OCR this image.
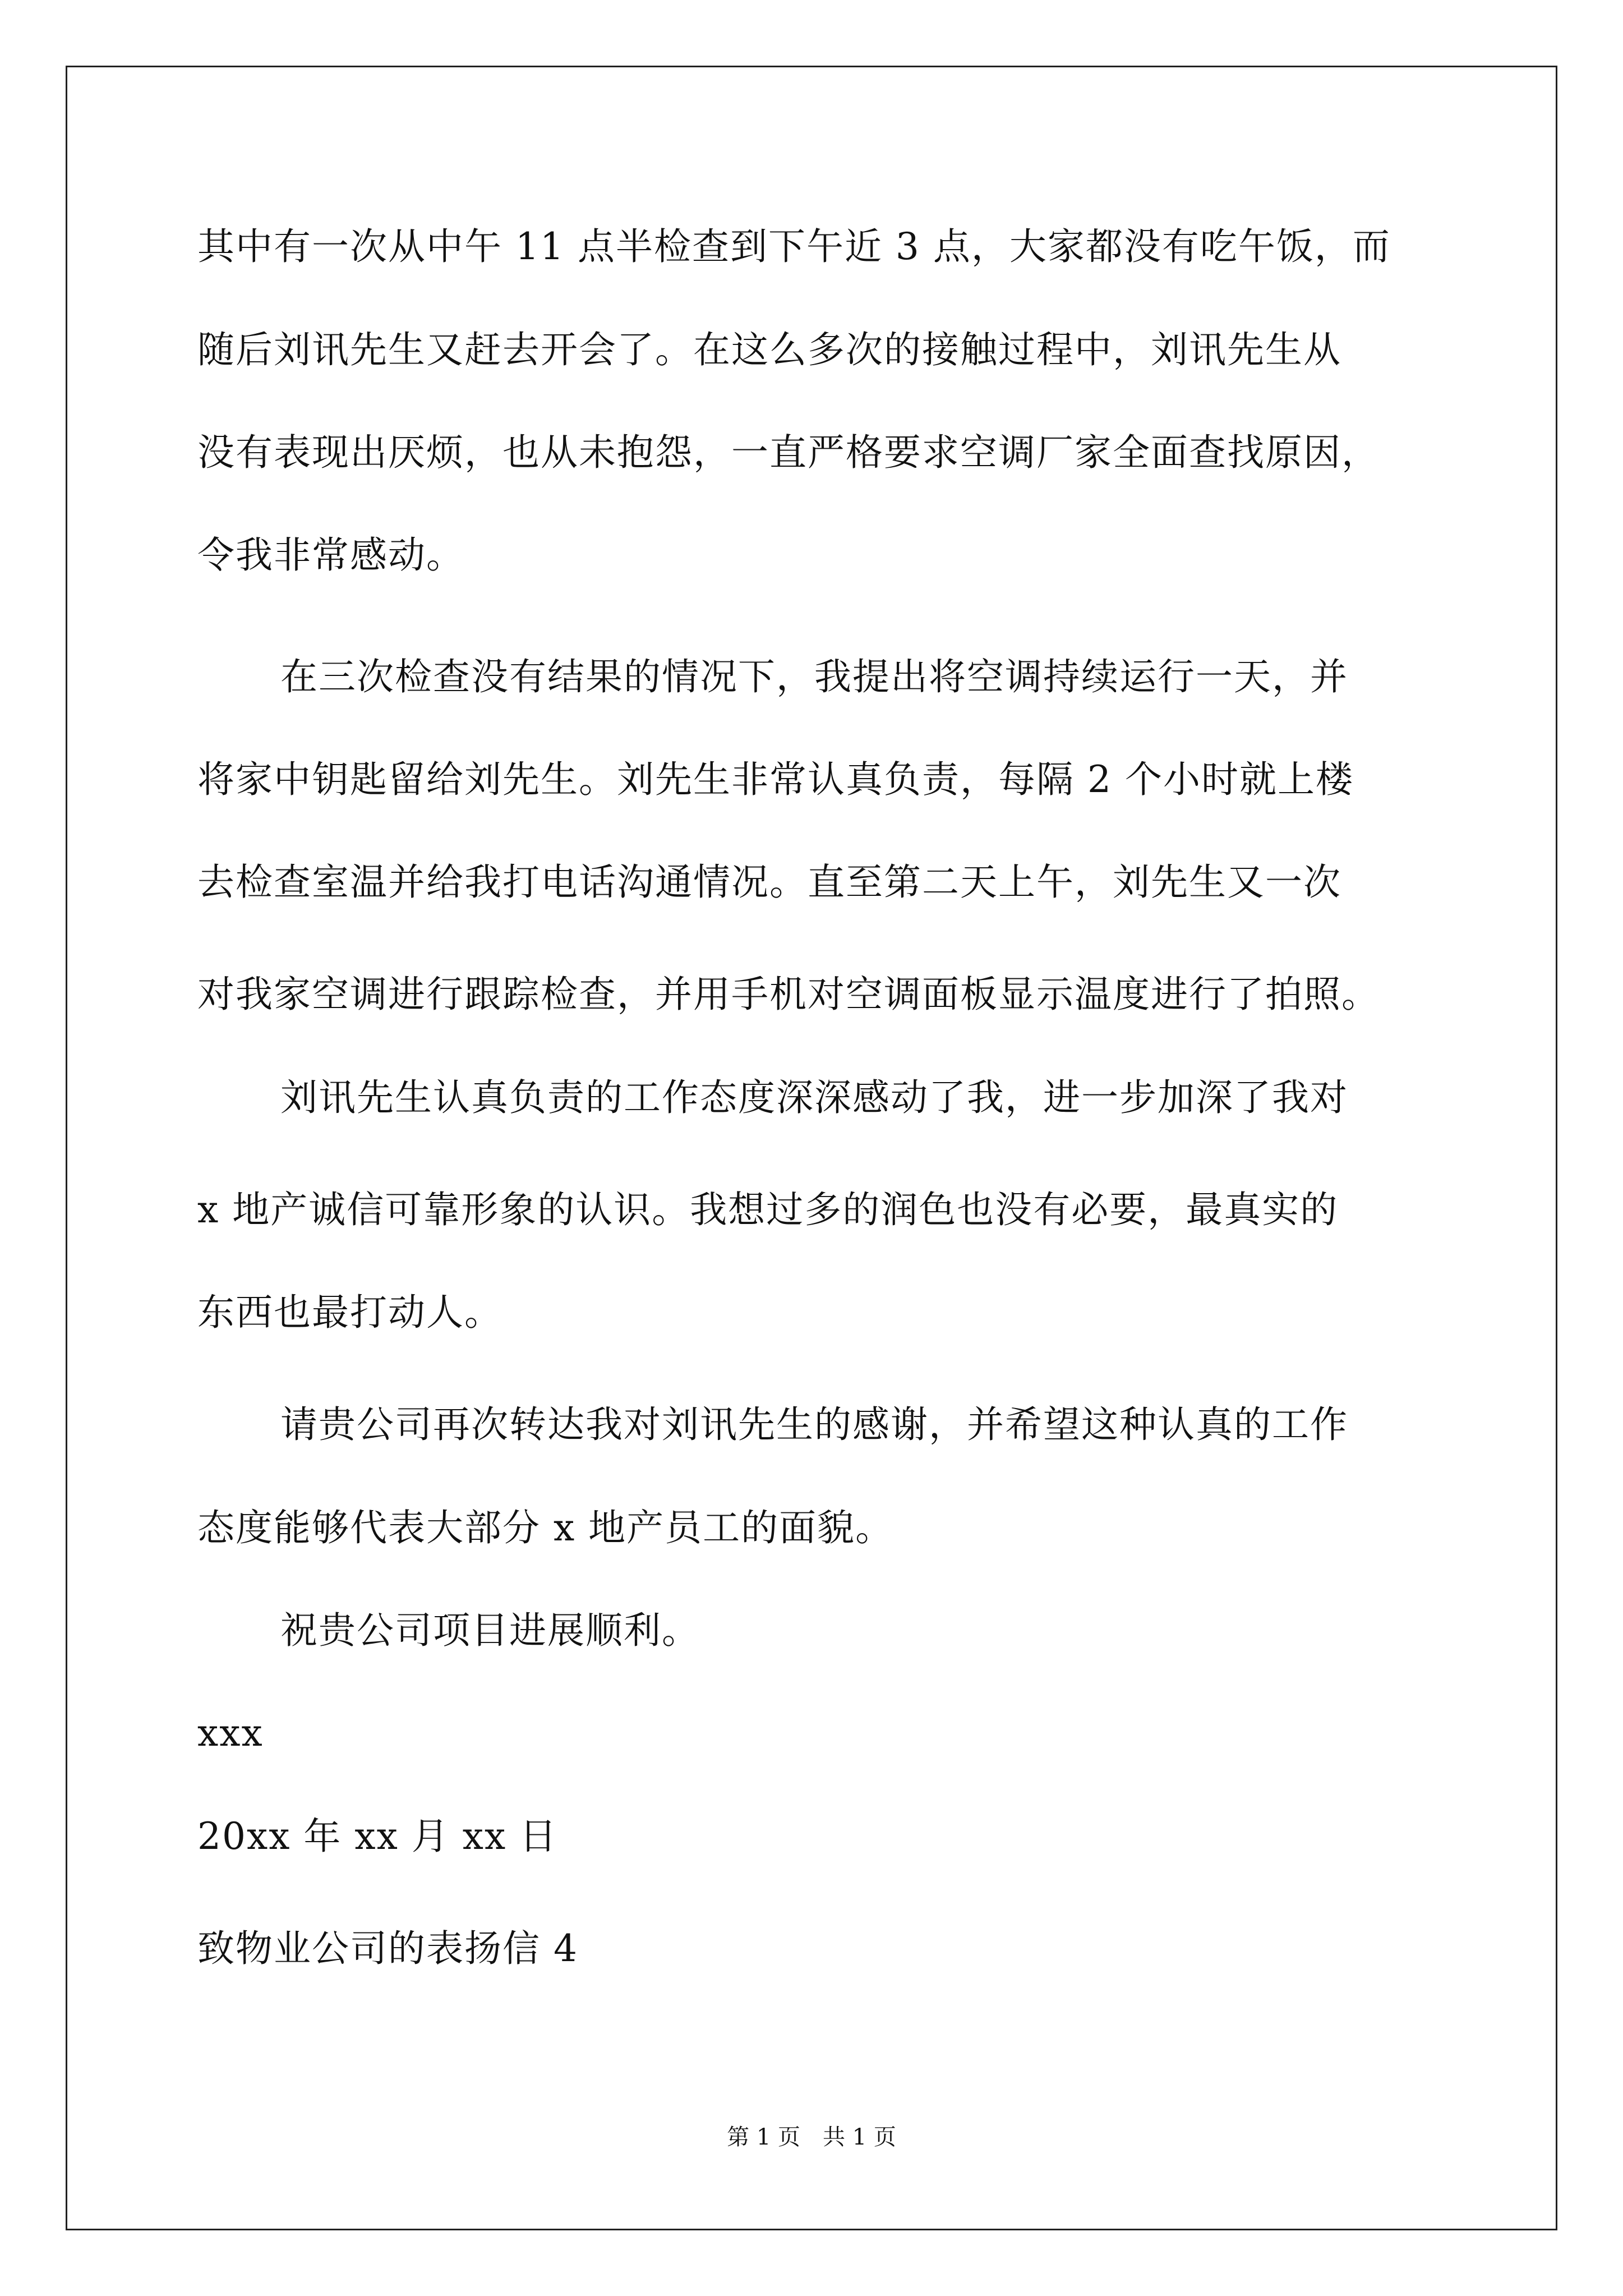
其中有一次从中午 11 点半检查到下午近 3 点，大家都没有吃午饭，而
随后刘讯先生又赶去开会了。在这么多次的接触过程中，刘讯先生从
没有表现出厌烦，也从未抱怨，一直严格要求空调厂家全面查找原因，
令我非常感动。
在三次检查没有结果的情况下，我提出将空调持续运行一天，并
将家中钥匙留给刘先生。刘先生非常认真负责，每隔 2 个小时就上楼
去检查室温并给我打电话沟通情况。直至第二天上午，刘先生又一次
对我家空调进行跟踪检查，并用手机对空调面板显示温度进行了拍照。
刘讯先生认真负责的工作态度深深感动了我，进一步加深了我对
x 地产诚信可靠形象的认识。我想过多的润色也没有必要，最真实的
东西也最打动人。
请贵公司再次转达我对刘讯先生的感谢，并希望这种认真的工作
态度能够代表大部分 x 地产员工的面貌。
祝贵公司项目进展顺利。
xxx
20xx 年 xx 月 xx 日
致物业公司的表扬信 4
第 1 页　共 1 页
